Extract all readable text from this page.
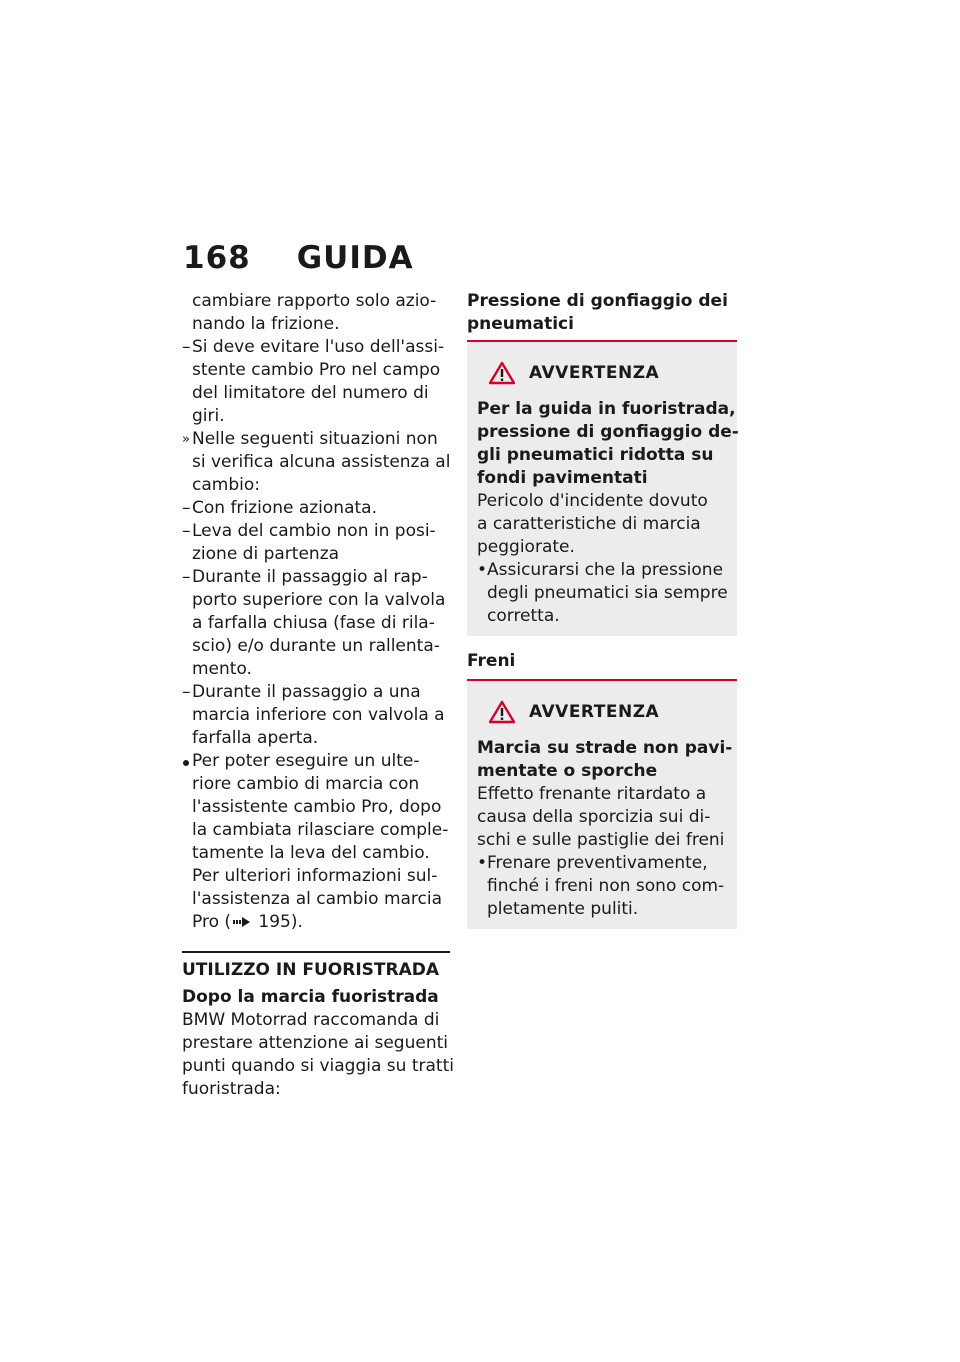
168 GUIDA
cambiare rapporto solo azio-
nando la frizione.
– Si deve evitare l'uso dell'assi-
stente cambio Pro nel campo
del limitatore del numero di
giri.
» Nelle seguenti situazioni non
si verifica alcuna assistenza al
cambio:
– Con frizione azionata.
– Leva del cambio non in posi-
zione di partenza
– Durante il passaggio al rap-
porto superiore con la valvola
a farfalla chiusa (fase di rila-
scio) e/o durante un rallenta-
mento.
– Durante il passaggio a una
marcia inferiore con valvola a
farfalla aperta.
Per poter eseguire un ulte-
riore cambio di marcia con
l'assistente cambio Pro, dopo
la cambiata rilasciare comple-
tamente la leva del cambio.
Per ulteriori informazioni sul-
l'assistenza al cambio marcia
Pro ( 195).
UTILIZZO IN FUORISTRADA
Dopo la marcia fuoristrada
BMW Motorrad raccomanda di
prestare attenzione ai seguenti
punti quando si viaggia su tratti
fuoristrada:
Pressione di gonfiaggio dei
pneumatici
AVVERTENZA
Per la guida in fuoristrada,
pressione di gonfiaggio de-
gli pneumatici ridotta su
fondi pavimentati
Pericolo d'incidente dovuto
a caratteristiche di marcia
peggiorate.
• Assicurarsi che la pressione
degli pneumatici sia sempre
corretta.
Freni
AVVERTENZA
Marcia su strade non pavi-
mentate o sporche
Effetto frenante ritardato a
causa della sporcizia sui di-
schi e sulle pastiglie dei freni
• Frenare preventivamente,
finché i freni non sono com-
pletamente puliti.
